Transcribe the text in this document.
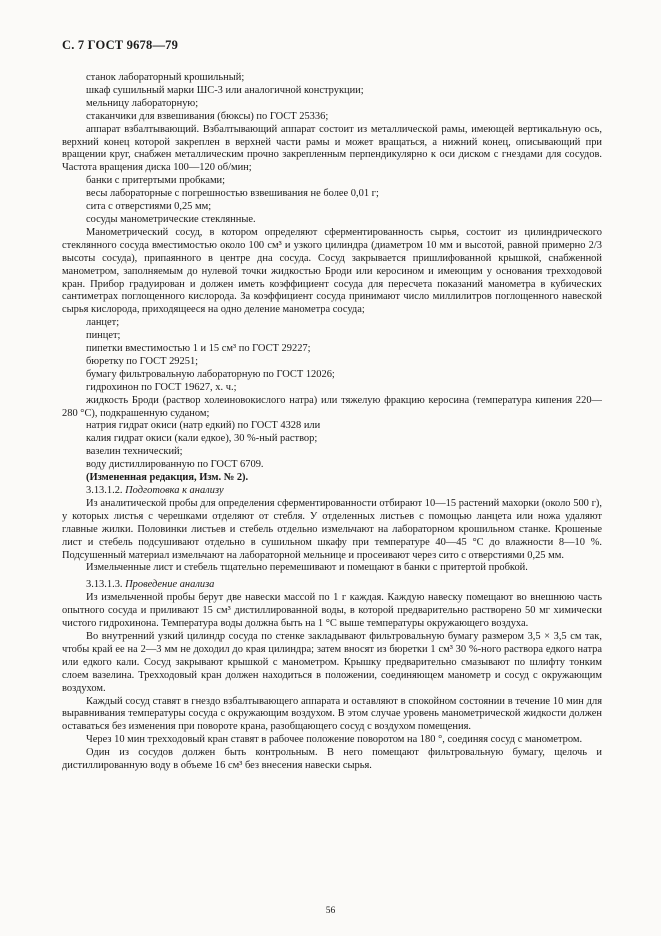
С. 7 ГОСТ 9678—79

станок лабораторный крошильный;

шкаф сушильный марки ШС-3 или аналогичной конструкции;

мельницу лабораторную;

стаканчики для взвешивания (бюксы) по ГОСТ 25336;

аппарат взбалтывающий. Взбалтывающий аппарат состоит из металлической рамы, имеющей вертикальную ось, верхний конец которой закреплен в верхней части рамы и может вращаться, а нижний конец, описывающий при вращении круг, снабжен металлическим прочно закрепленным перпендикулярно к оси диском с гнездами для сосудов. Частота вращения диска 100—120 об/мин;

банки с притертыми пробками;

весы лабораторные с погрешностью взвешивания не более 0,01 г;

сита с отверстиями 0,25 мм;

сосуды манометрические стеклянные.

Манометрический сосуд, в котором определяют сферментированность сырья, состоит из цилиндрического стеклянного сосуда вместимостью около 100 см³ и узкого цилиндра (диаметром 10 мм и высотой, равной примерно 2/3 высоты сосуда), припаянного в центре дна сосуда. Сосуд закрывается пришлифованной крышкой, снабженной манометром, заполняемым до нулевой точки жидкостью Броди или керосином и имеющим у основания трехходовой кран. Прибор градуирован и должен иметь коэффициент сосуда для пересчета показаний манометра в кубических сантиметрах поглощенного кислорода. За коэффициент сосуда принимают число миллилитров поглощенного навеской сырья кислорода, приходящееся на одно деление манометра сосуда;

ланцет;

пинцет;

пипетки вместимостью 1 и 15 см³ по ГОСТ 29227;

бюретку по ГОСТ 29251;

бумагу фильтровальную лабораторную по ГОСТ 12026;

гидрохинон по ГОСТ 19627, х. ч.;

жидкость Броди (раствор холеиновокислого натра) или тяжелую фракцию керосина (температура кипения 220—280 °С), подкрашенную суданом;

натрия гидрат окиси (натр едкий) по ГОСТ 4328 или

калия гидрат окиси (кали едкое), 30 %-ный раствор;

вазелин технический;

воду дистиллированную по ГОСТ 6709.

(Измененная редакция, Изм. № 2).

3.13.1.2. Подготовка к анализу

Из аналитической пробы для определения сферментированности отбирают 10—15 растений махорки (около 500 г), у которых листья с черешками отделяют от стебля. У отделенных листьев с помощью ланцета или ножа удаляют главные жилки. Половинки листьев и стебель отдельно измельчают на лабораторном крошильном станке. Крошеные лист и стебель подсушивают отдельно в сушильном шкафу при температуре 40—45 °С до влажности 8—10 %. Подсушенный материал измельчают на лабораторной мельнице и просеивают через сито с отверстиями 0,25 мм.

Измельченные лист и стебель тщательно перемешивают и помещают в банки с притертой пробкой.

3.13.1.3. Проведение анализа

Из измельченной пробы берут две навески массой по 1 г каждая. Каждую навеску помещают во внешнюю часть опытного сосуда и приливают 15 см³ дистиллированной воды, в которой предварительно растворено 50 мг химически чистого гидрохинона. Температура воды должна быть на 1 °С выше температуры окружающего воздуха.

Во внутренний узкий цилиндр сосуда по стенке закладывают фильтровальную бумагу размером 3,5 × 3,5 см так, чтобы край ее на 2—3 мм не доходил до края цилиндра; затем вносят из бюретки 1 см³ 30 %-ного раствора едкого натра или едкого кали. Сосуд закрывают крышкой с манометром. Крышку предварительно смазывают по шлифту тонким слоем вазелина. Трехходовый кран должен находиться в положении, соединяющем манометр и сосуд с окружающим воздухом.

Каждый сосуд ставят в гнездо взбалтывающего аппарата и оставляют в спокойном состоянии в течение 10 мин для выравнивания температуры сосуда с окружающим воздухом. В этом случае уровень манометрической жидкости должен оставаться без изменения при повороте крана, разобщающего сосуд с воздухом помещения.

Через 10 мин трехходовый кран ставят в рабочее положение поворотом на 180 °, соединяя сосуд с манометром.

Один из сосудов должен быть контрольным. В него помещают фильтровальную бумагу, щелочь и дистиллированную воду в объеме 16 см³ без внесения навески сырья.

56
